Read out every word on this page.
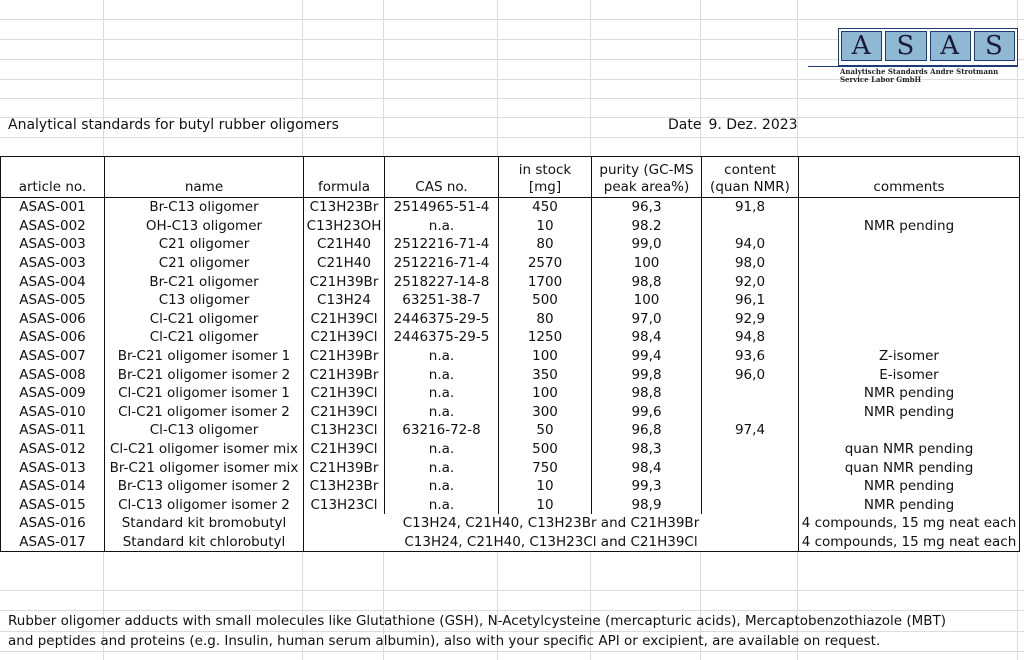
A S A S
Analytische Standards Andre Strotmann
Service Labor GmbH
Analytical standards for butyl rubber oligomers	Date 9. Dez. 2023
article no.	name	formula	CAS no.	in stock [mg]	purity (GC-MS peak area%)	content (quan NMR)	comments
ASAS-001	Br-C13 oligomer	C13H23Br	2514965-51-4	450	96,3	91,8	
ASAS-002	OH-C13 oligomer	C13H23OH	n.a.	10	98.2		NMR pending
ASAS-003	C21 oligomer	C21H40	2512216-71-4	80	99,0	94,0	
ASAS-003	C21 oligomer	C21H40	2512216-71-4	2570	100	98,0	
ASAS-004	Br-C21 oligomer	C21H39Br	2518227-14-8	1700	98,8	92,0	
ASAS-005	C13 oligomer	C13H24	63251-38-7	500	100	96,1	
ASAS-006	Cl-C21 oligomer	C21H39Cl	2446375-29-5	80	97,0	92,9	
ASAS-006	Cl-C21 oligomer	C21H39Cl	2446375-29-5	1250	98,4	94,8	
ASAS-007	Br-C21 oligomer isomer 1	C21H39Br	n.a.	100	99,4	93,6	Z-isomer
ASAS-008	Br-C21 oligomer isomer 2	C21H39Br	n.a.	350	99,8	96,0	E-isomer
ASAS-009	Cl-C21 oligomer isomer 1	C21H39Cl	n.a.	100	98,8		NMR pending
ASAS-010	Cl-C21 oligomer isomer 2	C21H39Cl	n.a.	300	99,6		NMR pending
ASAS-011	Cl-C13 oligomer	C13H23Cl	63216-72-8	50	96,8	97,4	
ASAS-012	Cl-C21 oligomer isomer mix	C21H39Cl	n.a.	500	98,3		quan NMR pending
ASAS-013	Br-C21 oligomer isomer mix	C21H39Br	n.a.	750	98,4		quan NMR pending
ASAS-014	Br-C13 oligomer isomer 2	C13H23Br	n.a.	10	99,3		NMR pending
ASAS-015	Cl-C13 oligomer isomer 2	C13H23Cl	n.a.	10	98,9		NMR pending
ASAS-016	Standard kit bromobutyl	C13H24, C21H40, C13H23Br and C21H39Br					4 compounds, 15 mg neat each
ASAS-017	Standard kit chlorobutyl	C13H24, C21H40, C13H23Cl and C21H39Cl					4 compounds, 15 mg neat each
Rubber oligomer adducts with small molecules like Glutathione (GSH), N-Acetylcysteine (mercapturic acids), Mercaptobenzothiazole (MBT)
and peptides and proteins (e.g. Insulin, human serum albumin), also with your specific API or excipient, are available on request.
